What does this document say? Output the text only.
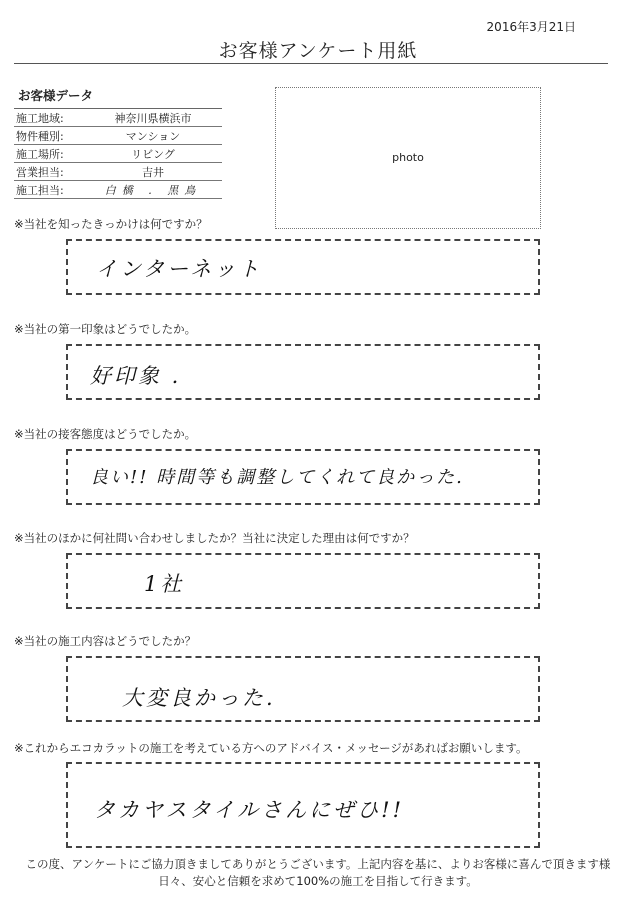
2016年3月21日
お客様アンケート用紙
お客様データ
施工地域:	神奈川県横浜市
物件種別:	マンション
施工場所:	リビング
営業担当:	吉井
施工担当:	白橋 . 黒鳥
photo
※当社を知ったきっかけは何ですか？
インターネット
※当社の第一印象はどうでしたか。
好印象 .
※当社の接客態度はどうでしたか。
良い!! 時間等も調整してくれて良かった.
※当社のほかに何社問い合わせしましたか？当社に決定した理由は何ですか？
1社
※当社の施工内容はどうでしたか？
大変良かった.
※これからエコカラットの施工を考えている方へのアドバイス・メッセージがあればお願いします。
タカヤスタイルさんにぜひ!!
この度、アンケートにご協力頂きましてありがとうございます。上記内容を基に、よりお客様に喜んで頂きます様
日々、安心と信頼を求めて100%の施工を目指して行きます。
